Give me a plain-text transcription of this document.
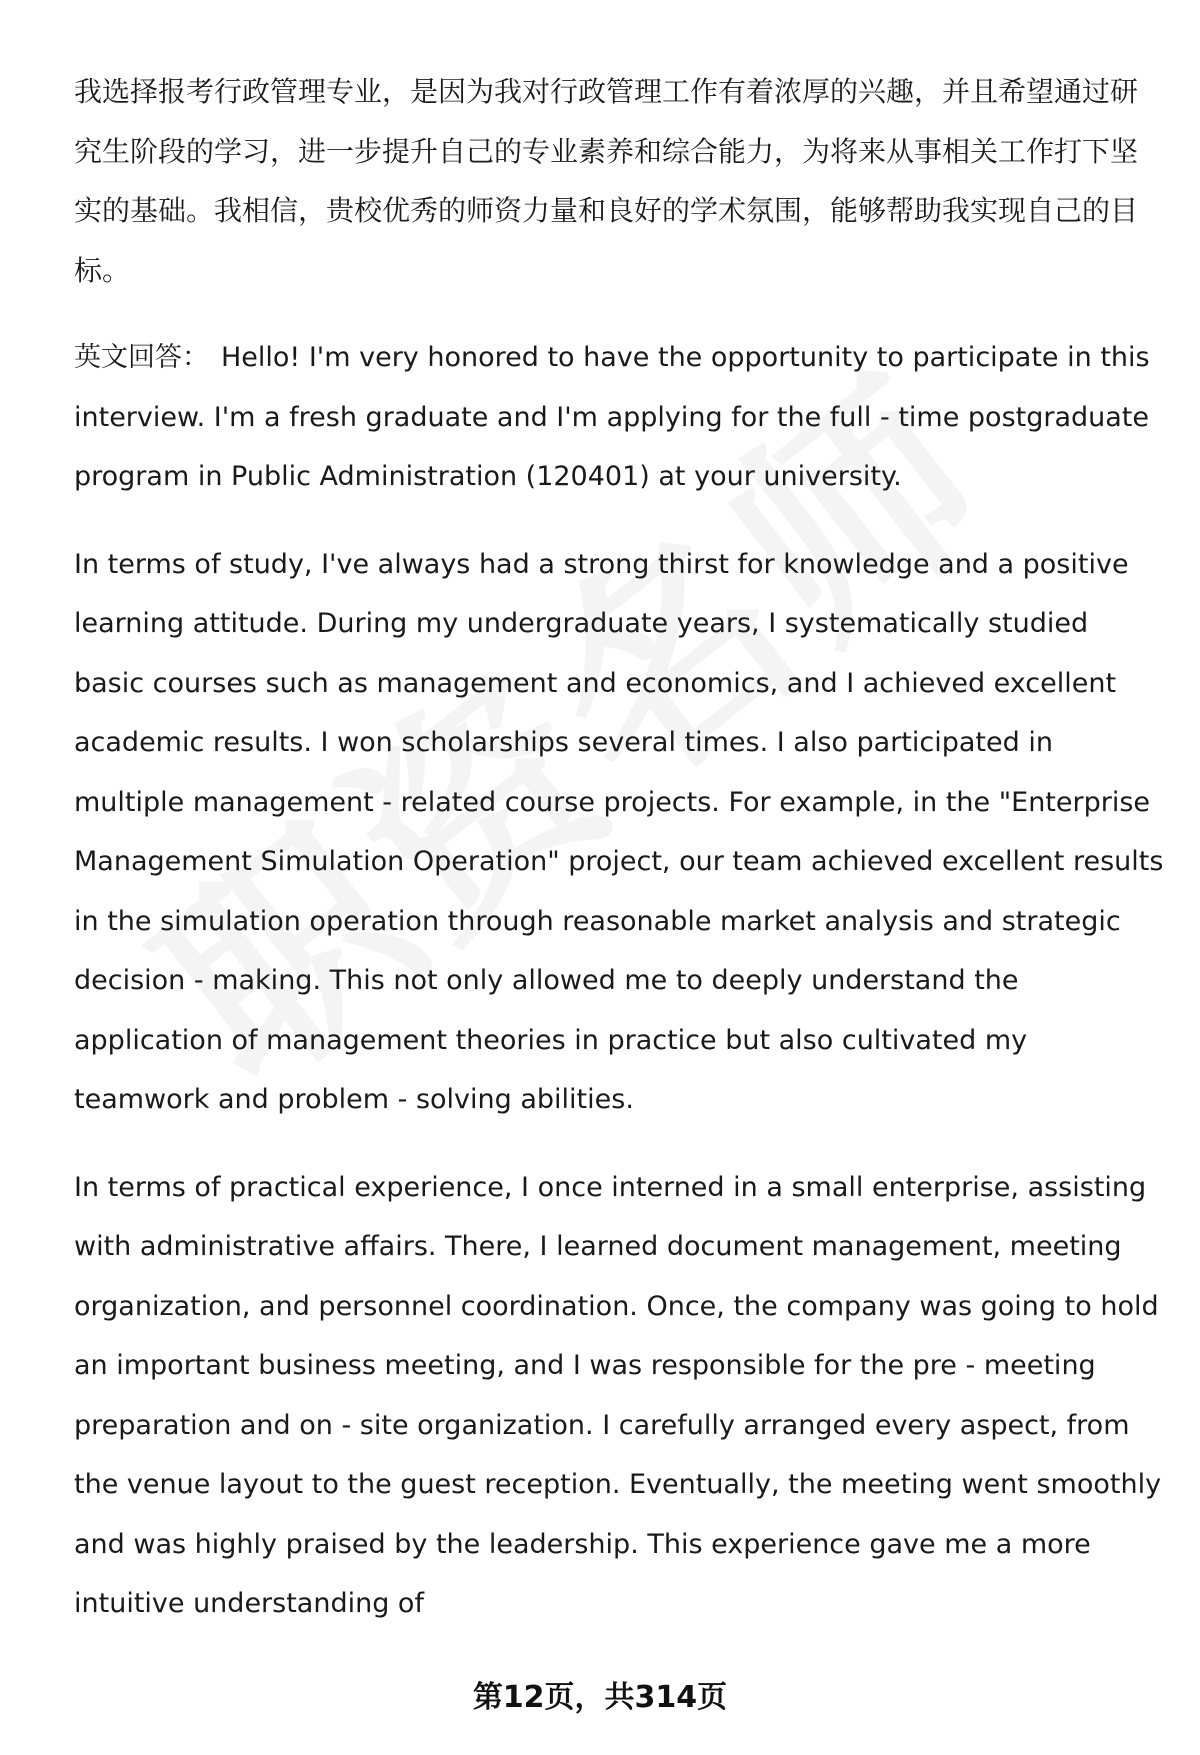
我选择报考行政管理专业，是因为我对行政管理工作有着浓厚的兴趣，并且希望通过研究生阶段的学习，进一步提升自己的专业素养和综合能力，为将来从事相关工作打下坚实的基础。我相信，贵校优秀的师资力量和良好的学术氛围，能够帮助我实现自己的目标。

英文回答： Hello! I'm very honored to have the opportunity to participate in this interview. I'm a fresh graduate and I'm applying for the full - time postgraduate program in Public Administration (120401) at your university.

In terms of study, I've always had a strong thirst for knowledge and a positive learning attitude. During my undergraduate years, I systematically studied basic courses such as management and economics, and I achieved excellent academic results. I won scholarships several times. I also participated in multiple management - related course projects. For example, in the "Enterprise Management Simulation Operation" project, our team achieved excellent results in the simulation operation through reasonable market analysis and strategic decision - making. This not only allowed me to deeply understand the application of management theories in practice but also cultivated my teamwork and problem - solving abilities.

In terms of practical experience, I once interned in a small enterprise, assisting with administrative affairs. There, I learned document management, meeting organization, and personnel coordination. Once, the company was going to hold an important business meeting, and I was responsible for the pre - meeting preparation and on - site organization. I carefully arranged every aspect, from the venue layout to the guest reception. Eventually, the meeting went smoothly and was highly praised by the leadership. This experience gave me a more intuitive understanding of

第12页，共314页
